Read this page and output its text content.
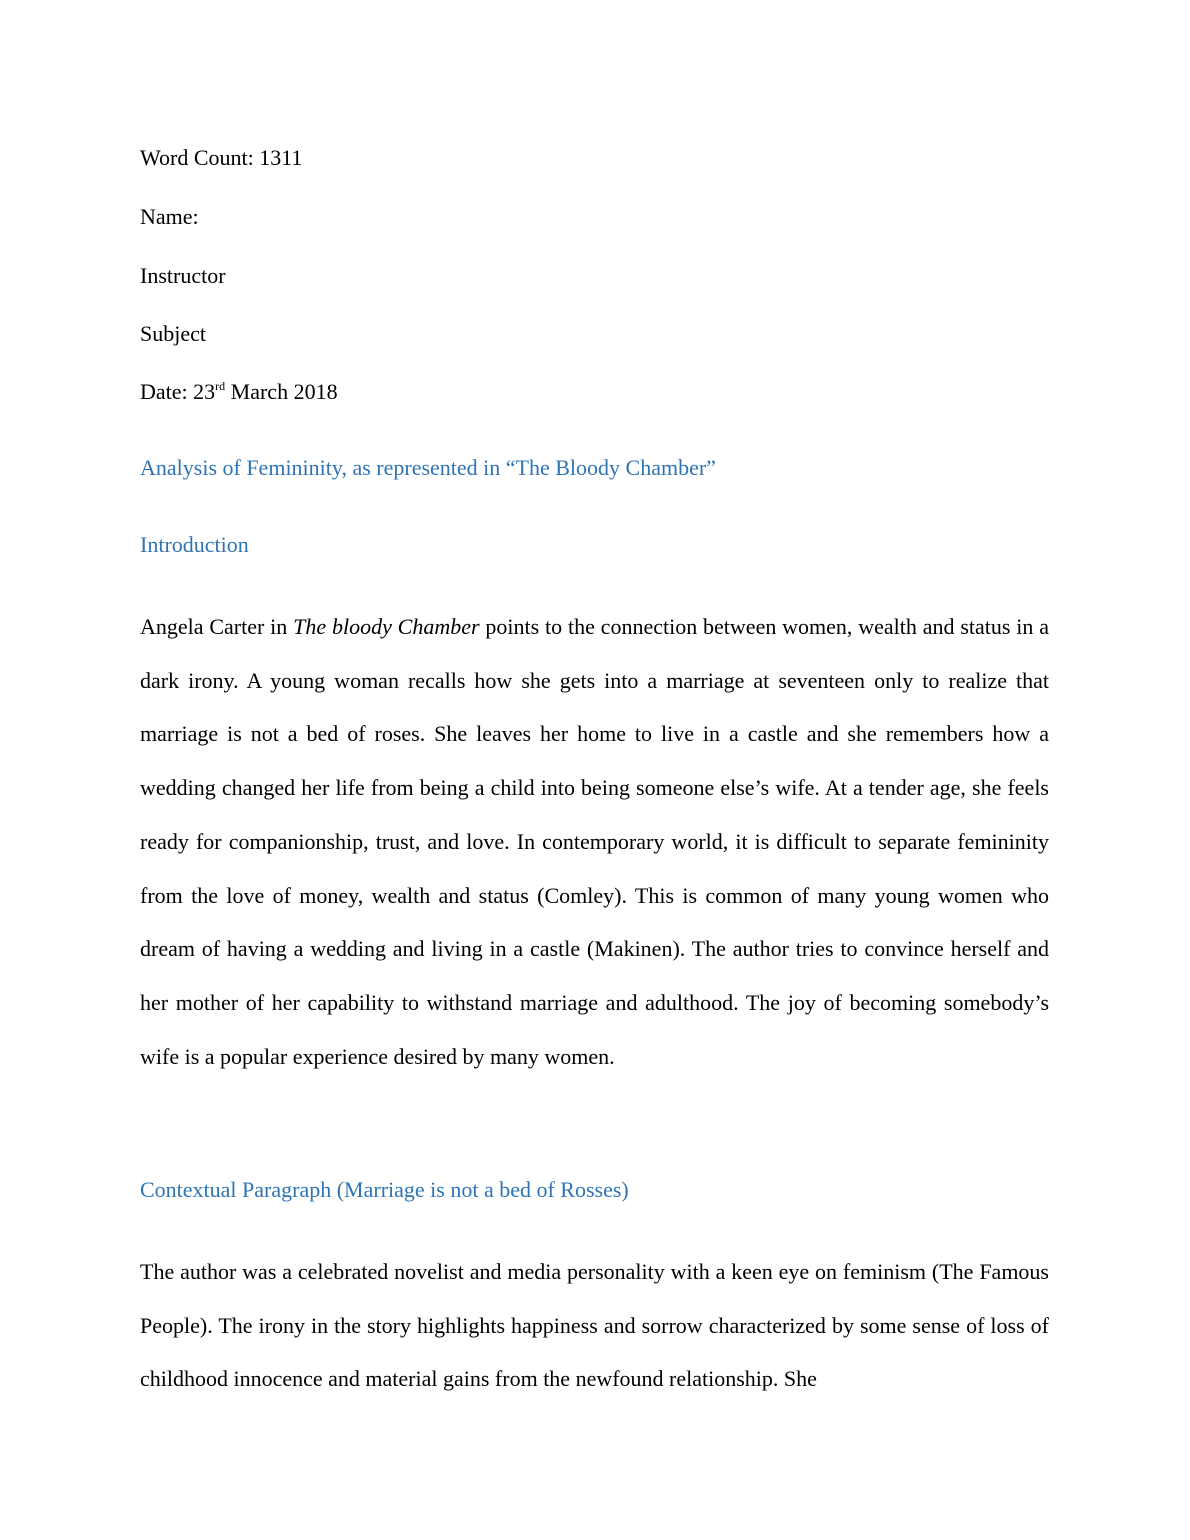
Word Count: 1311
Name:
Instructor
Subject
Date: 23rd March 2018
Analysis of Femininity, as represented in “The Bloody Chamber”
Introduction

Angela Carter in The bloody Chamber points to the connection between women, wealth and status in a dark irony. A young woman recalls how she gets into a marriage at seventeen only to realize that marriage is not a bed of roses. She leaves her home to live in a castle and she remembers how a wedding changed her life from being a child into being someone else’s wife. At a tender age, she feels ready for companionship, trust, and love. In contemporary world, it is difficult to separate femininity from the love of money, wealth and status (Comley). This is common of many young women who dream of having a wedding and living in a castle (Makinen). The author tries to convince herself and her mother of her capability to withstand marriage and adulthood. The joy of becoming somebody’s wife is a popular experience desired by many women.

Contextual Paragraph (Marriage is not a bed of Rosses)

The author was a celebrated novelist and media personality with a keen eye on feminism (The Famous People). The irony in the story highlights happiness and sorrow characterized by some sense of loss of childhood innocence and material gains from the newfound relationship. She
